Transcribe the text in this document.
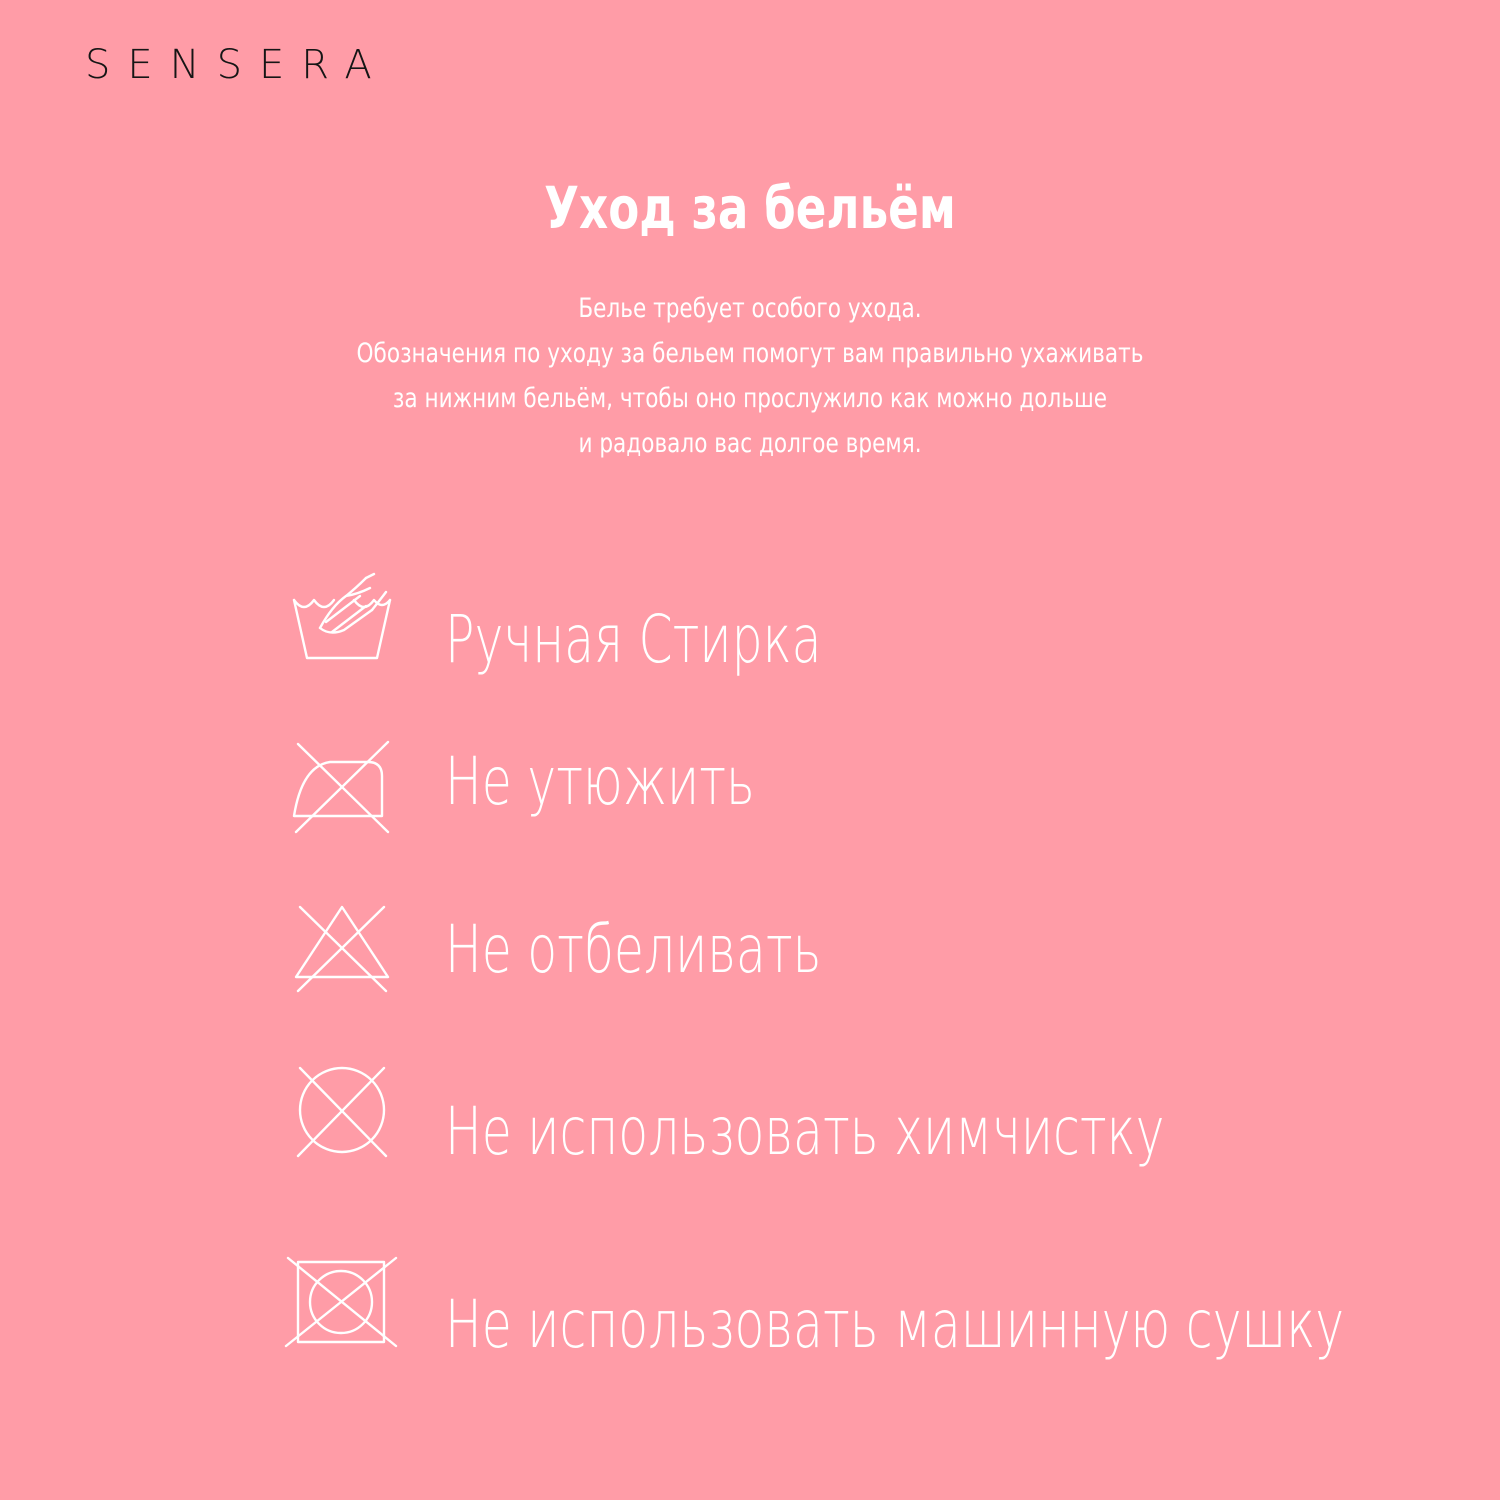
SENSERA
Уход за бельём
Белье требует особого ухода.
Обозначения по уходу за бельем помогут вам правильно ухаживать
за нижним бельём, чтобы оно прослужило как можно дольше
и радовало вас долгое время.
Ручная Стирка
Не утюжить
Не отбеливать
Не использовать химчистку
Не использовать машинную сушку
